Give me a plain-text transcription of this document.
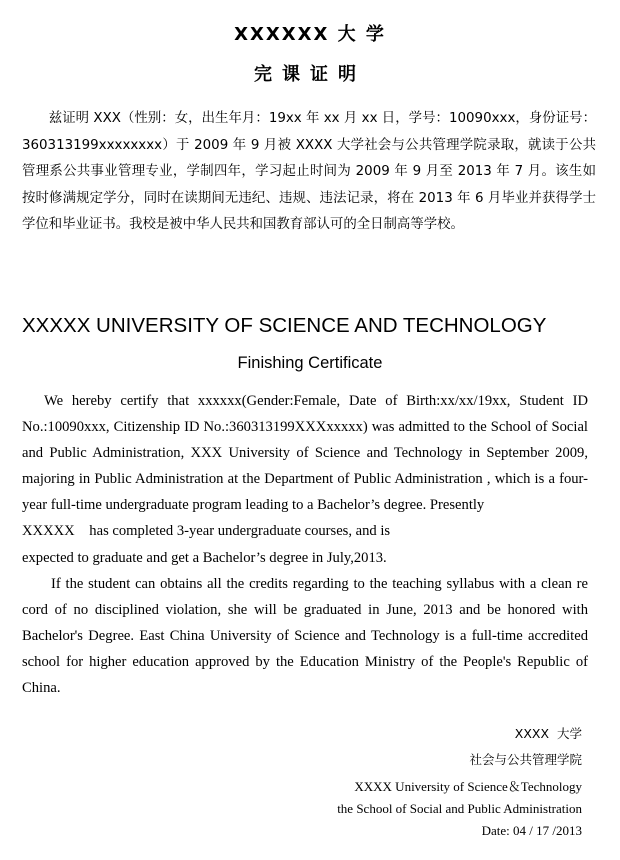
XXXXXX 大 学
完课证明

兹证明 XXX（性别：女，出生年月：19xx 年 xx 月 xx 日，学号：10090xxx，身份证号：360313199xxxxxxxx）于 2009 年 9 月被 XXXX 大学社会与公共管理学院录取，就读于公共管理系公共事业管理专业，学制四年，学习起止时间为 2009 年 9 月至 2013 年 7 月。该生如按时修满规定学分，同时在读期间无违纪、违规、违法记录，将在 2013 年 6 月毕业并获得学士学位和毕业证书。我校是被中华人民共和国教育部认可的全日制高等学校。

XXXXX UNIVERSITY OF SCIENCE AND TECHNOLOGY
Finishing Certificate

We hereby certify that xxxxxx(Gender:Female, Date of Birth:xx/xx/19xx, Student ID No.:10090xxx, Citizenship ID No.:360313199XXXxxxxx) was admitted to the School of Social and Public Administration, XXX University of Science and Technology in September 2009, majoring in Public Administration at the Department of Public Administration , which is a four-year full-time undergraduate program leading to a Bachelor’s degree. Presently

XXXXX    has completed 3-year undergraduate courses, and is

expected to graduate and get a Bachelor’s degree in July,2013.

If the student can obtains all the credits regarding to the teaching syllabus with a clean re cord of no disciplined violation, she will be graduated in June, 2013 and be honored with Bachelor's Degree. East China University of Science and Technology is a full-time accredited school for higher education approved by the Education Ministry of the People's Republic of China.

XXXX  大学
社会与公共管理学院
XXXX University of Science＆Technology
the School of Social and Public Administration
Date: 04 / 17 /2013
